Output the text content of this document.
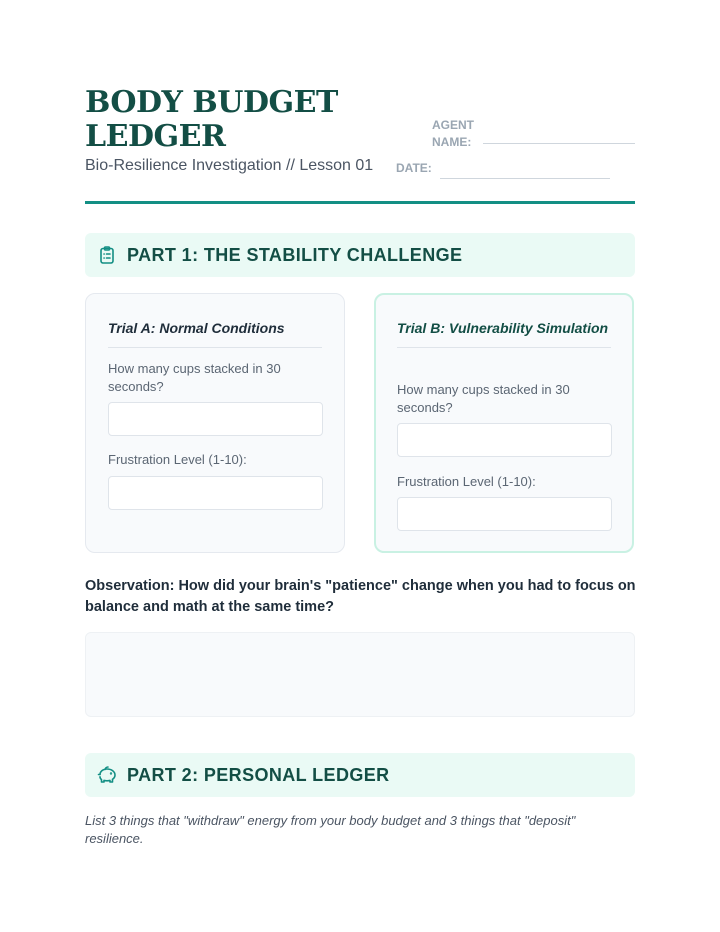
BODY BUDGET
LEDGER

Bio-Resilience Investigation // Lesson 01

AGENT
NAME:
DATE:
PART 1: THE STABILITY CHALLENGE
Trial A: Normal Conditions
How many cups stacked in 30 seconds?
Frustration Level (1-10):
Trial B: Vulnerability Simulation
How many cups stacked in 30 seconds?
Frustration Level (1-10):

Observation: How did your brain's "patience" change when you had to focus on balance and math at the same time?

PART 2: PERSONAL LEDGER

List 3 things that "withdraw" energy from your body budget and 3 things that "deposit" resilience.
